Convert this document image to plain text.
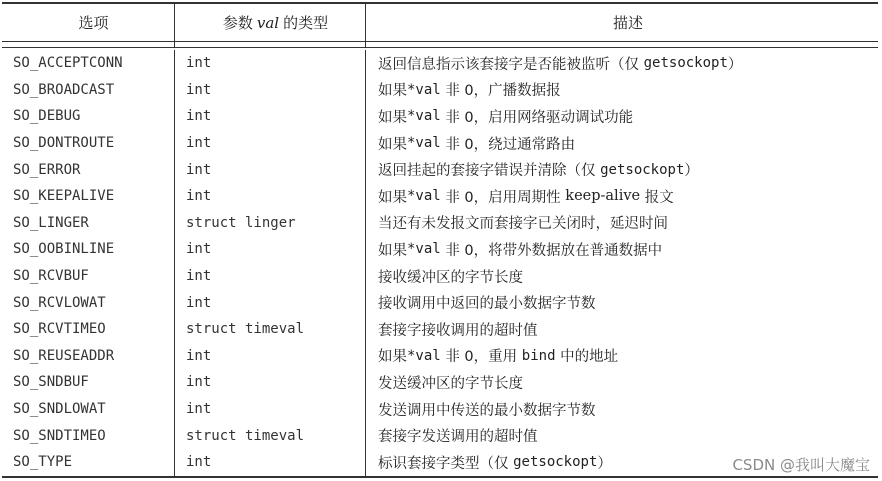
选项	参数 val 的类型	描述
SO_ACCEPTCONN	int	返回信息指示该套接字是否能被监听（仅 getsockopt ）
SO_BROADCAST	int	如果 *val 非 0，广播数据报
SO_DEBUG	int	如果 *val 非 0，启用网络驱动调试功能
SO_DONTROUTE	int	如果 *val 非 0，绕过通常路由
SO_ERROR	int	返回挂起的套接字错误并清除（仅 getsockopt ）
SO_KEEPALIVE	int	如果 *val 非 0，启用周期性 keep-alive 报文
SO_LINGER	struct linger	当还有未发报文而套接字已关闭时，延迟时间
SO_OOBINLINE	int	如果 *val 非 0，将带外数据放在普通数据中
SO_RCVBUF	int	接收缓冲区的字节长度
SO_RCVLOWAT	int	接收调用中返回的最小数据字节数
SO_RCVTIMEO	struct timeval	套接字接收调用的超时值
SO_REUSEADDR	int	如果 *val 非 0，重用 bind 中的地址
SO_SNDBUF	int	发送缓冲区的字节长度
SO_SNDLOWAT	int	发送调用中传送的最小数据字节数
SO_SNDTIMEO	struct timeval	套接字发送调用的超时值
SO_TYPE	int	标识套接字类型（仅 getsockopt ）	CSDN @我叫大魔宝
